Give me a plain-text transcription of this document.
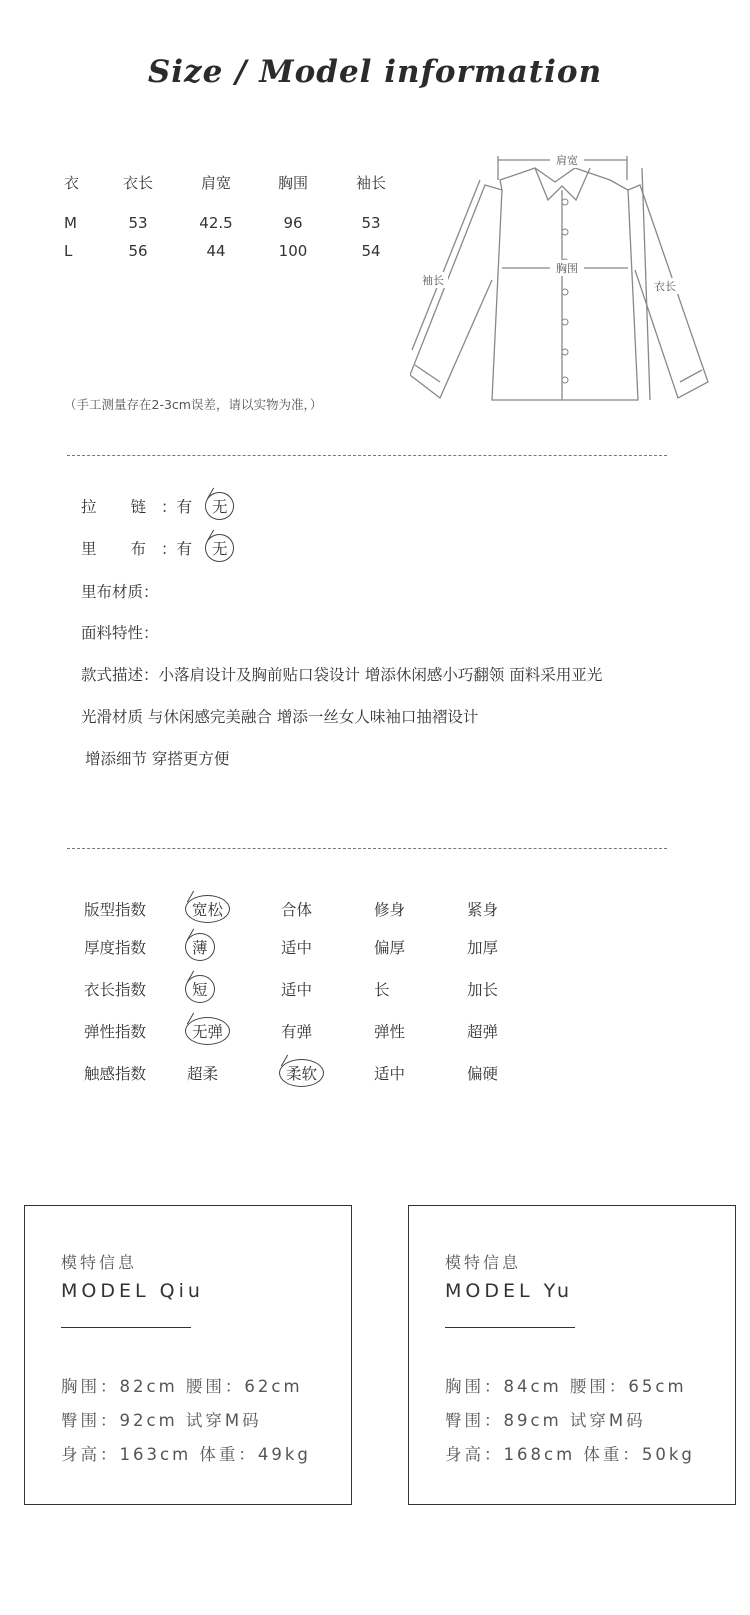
Size / Model information
衣	衣长	肩宽	胸围	袖长
M	53	42.5	96	53
L	56	44	100	54
（手工测量存在2-3cm误差，请以实物为准，）
肩宽
胸围
袖长	衣长
拉 链 ：有 无
里 布 ：有 无
里布材质：
面料特性：
款式描述：小落肩设计及胸前贴口袋设计 增添休闲感小巧翻领 面料采用亚光
光滑材质 与休闲感完美融合 增添一丝女人味袖口抽褶设计
增添细节 穿搭更方便
版型指数	宽松	合体	修身	紧身
厚度指数	薄	适中	偏厚	加厚
衣长指数	短	适中	长	加长
弹性指数	无弹	有弹	弹性	超弹
触感指数	超柔	柔软	适中	偏硬
模特信息
MODEL Qiu
胸围：82cm 腰围：62cm
臀围：92cm 试穿M码
身高：163cm 体重：49kg
模特信息
MODEL Yu
胸围：84cm 腰围：65cm
臀围：89cm 试穿M码
身高：168cm 体重：50kg
